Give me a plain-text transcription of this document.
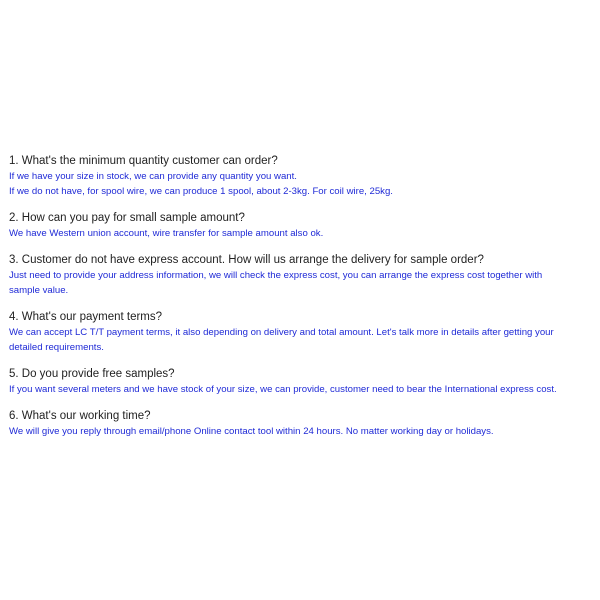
1. What's the minimum quantity customer can order?
If we have your size in stock, we can provide any quantity you want.
If we do not have, for spool wire, we can produce 1 spool, about 2-3kg. For coil wire, 25kg.
2. How can you pay for small sample amount?
We have Western union account, wire transfer for sample amount also ok.
3. Customer do not have express account. How will us arrange the delivery for sample order?
Just need to provide your address information, we will check the express cost, you can arrange the express cost together with
sample value.
4. What's our payment terms?
We can accept LC T/T payment terms, it also depending on delivery and total amount. Let's talk more in details after getting your
detailed requirements.
5. Do you provide free samples?
If you want several meters and we have stock of your size, we can provide, customer need to bear the International express cost.
6. What's our working time?
We will give you reply through email/phone Online contact tool within 24 hours. No matter working day or holidays.
